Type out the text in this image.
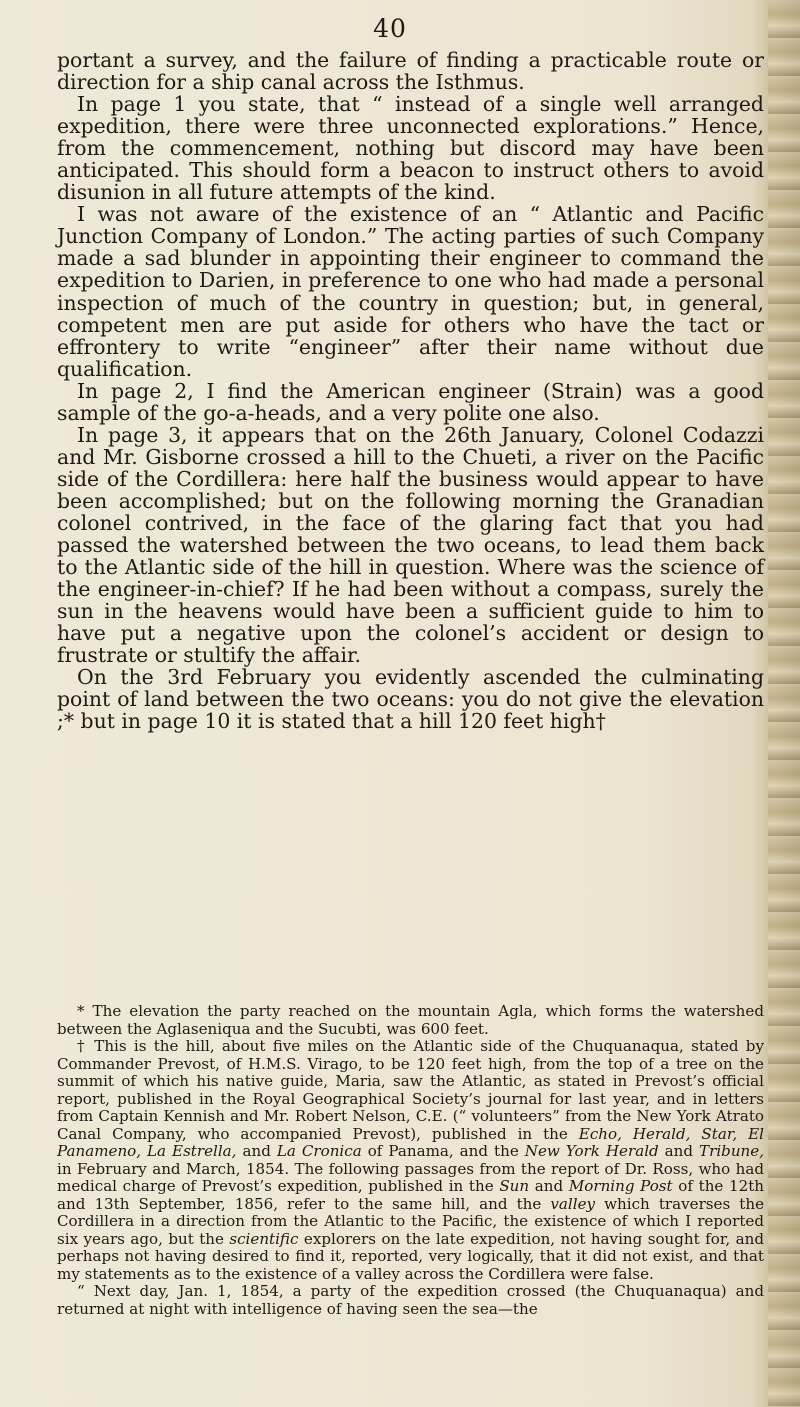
40

portant a survey, and the failure of finding a practicable route or direction for a ship canal across the Isthmus.

In page 1 you state, that “ instead of a single well arranged expedition, there were three unconnected explorations.” Hence, from the commencement, nothing but discord may have been anticipated. This should form a beacon to instruct others to avoid disunion in all future attempts of the kind.

I was not aware of the existence of an “ Atlantic and Pacific Junction Company of London.” The acting parties of such Company made a sad blunder in appointing their engineer to command the expedition to Darien, in preference to one who had made a personal inspection of much of the country in question; but, in general, competent men are put aside for others who have the tact or effrontery to write “engineer” after their name without due qualification.

In page 2, I find the American engineer (Strain) was a good sample of the go-a-heads, and a very polite one also.

In page 3, it appears that on the 26th January, Colonel Codazzi and Mr. Gisborne crossed a hill to the Chueti, a river on the Pacific side of the Cordillera: here half the business would appear to have been accomplished; but on the following morning the Granadian colonel contrived, in the face of the glaring fact that you had passed the watershed between the two oceans, to lead them back to the Atlantic side of the hill in question. Where was the science of the engineer-in-chief? If he had been without a compass, surely the sun in the heavens would have been a sufficient guide to him to have put a negative upon the colonel’s accident or design to frustrate or stultify the affair.

On the 3rd February you evidently ascended the culminating point of land between the two oceans: you do not give the elevation ;* but in page 10 it is stated that a hill 120 feet high†

* The elevation the party reached on the mountain Agla, which forms the watershed between the Aglaseniqua and the Sucubti, was 600 feet.

† This is the hill, about five miles on the Atlantic side of the Chuquanaqua, stated by Commander Prevost, of H.M.S. Virago, to be 120 feet high, from the top of a tree on the summit of which his native guide, Maria, saw the Atlantic, as stated in Prevost’s official report, published in the Royal Geographical Society’s journal for last year, and in letters from Captain Kennish and Mr. Robert Nelson, C.E. (“ volunteers” from the New York Atrato Canal Company, who accompanied Prevost), published in the Echo, Herald, Star, El Panameno, La Estrella, and La Cronica of Panama, and the New York Herald and Tribune, in February and March, 1854. The following passages from the report of Dr. Ross, who had medical charge of Prevost’s expedition, published in the Sun and Morning Post of the 12th and 13th September, 1856, refer to the same hill, and the valley which traverses the Cordillera in a direction from the Atlantic to the Pacific, the existence of which I reported six years ago, but the scientific explorers on the late expedition, not having sought for, and perhaps not having desired to find it, reported, very logically, that it did not exist, and that my statements as to the existence of a valley across the Cordillera were false.

“ Next day, Jan. 1, 1854, a party of the expedition crossed (the Chuquanaqua) and returned at night with intelligence of having seen the sea—the
